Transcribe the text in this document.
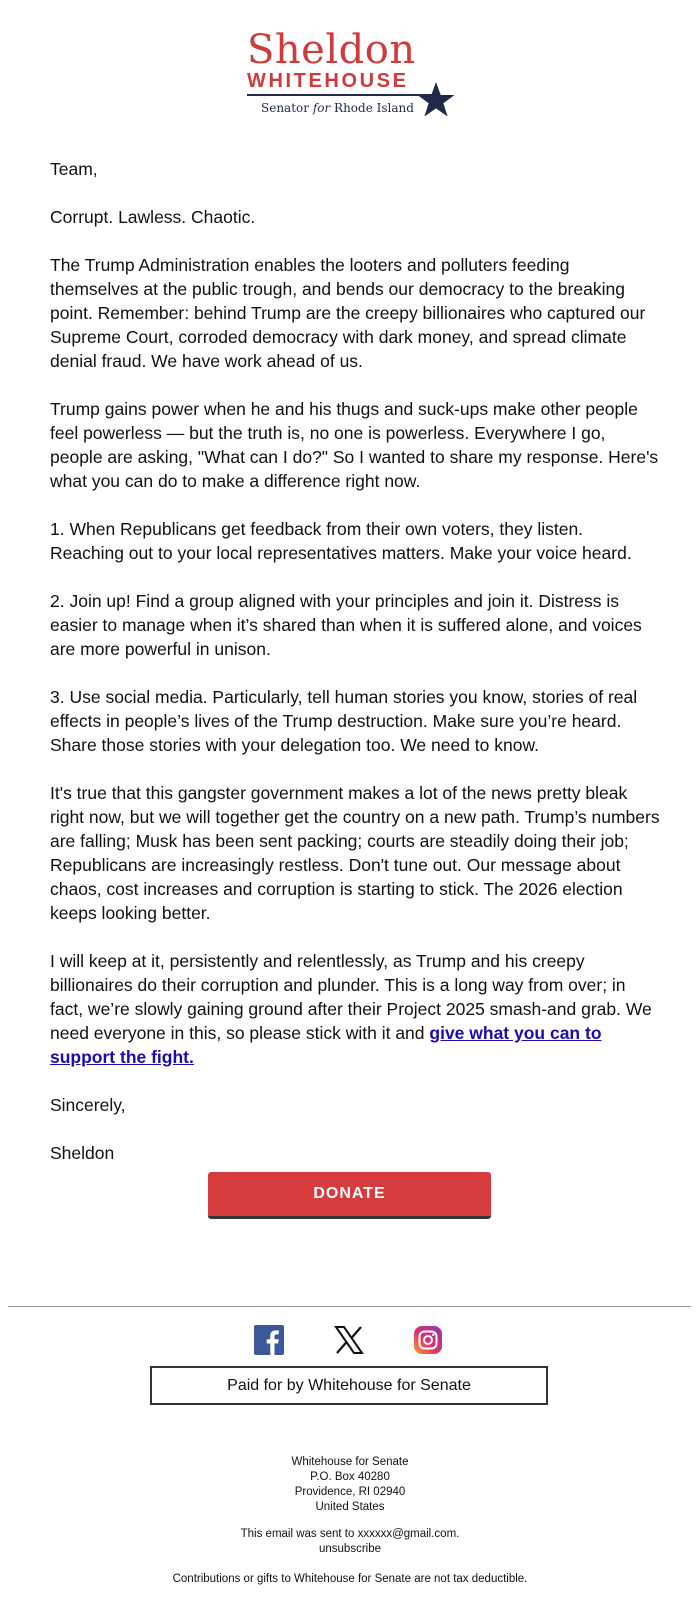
Sheldon
WHITEHOUSE
Senator for Rhode Island

Team,

Corrupt. Lawless. Chaotic.

The Trump Administration enables the looters and polluters feeding themselves at the public trough, and bends our democracy to the breaking point. Remember: behind Trump are the creepy billionaires who captured our Supreme Court, corroded democracy with dark money, and spread climate denial fraud. We have work ahead of us.

Trump gains power when he and his thugs and suck-ups make other people feel powerless — but the truth is, no one is powerless. Everywhere I go, people are asking, "What can I do?" So I wanted to share my response. Here's what you can do to make a difference right now.

1. When Republicans get feedback from their own voters, they listen. Reaching out to your local representatives matters. Make your voice heard.

2. Join up! Find a group aligned with your principles and join it. Distress is easier to manage when it’s shared than when it is suffered alone, and voices are more powerful in unison.

3. Use social media. Particularly, tell human stories you know, stories of real effects in people’s lives of the Trump destruction. Make sure you’re heard. Share those stories with your delegation too. We need to know.

It's true that this gangster government makes a lot of the news pretty bleak right now, but we will together get the country on a new path. Trump’s numbers are falling; Musk has been sent packing; courts are steadily doing their job; Republicans are increasingly restless. Don't tune out. Our message about chaos, cost increases and corruption is starting to stick. The 2026 election keeps looking better.

I will keep at it, persistently and relentlessly, as Trump and his creepy billionaires do their corruption and plunder. This is a long way from over; in fact, we’re slowly gaining ground after their Project 2025 smash-and grab. We need everyone in this, so please stick with it and give what you can to support the fight.

Sincerely,

Sheldon

DONATE
Paid for by Whitehouse for Senate
Whitehouse for Senate
P.O. Box 40280
Providence, RI 02940
United States
This email was sent to xxxxxx@gmail.com.
unsubscribe
Contributions or gifts to Whitehouse for Senate are not tax deductible.
